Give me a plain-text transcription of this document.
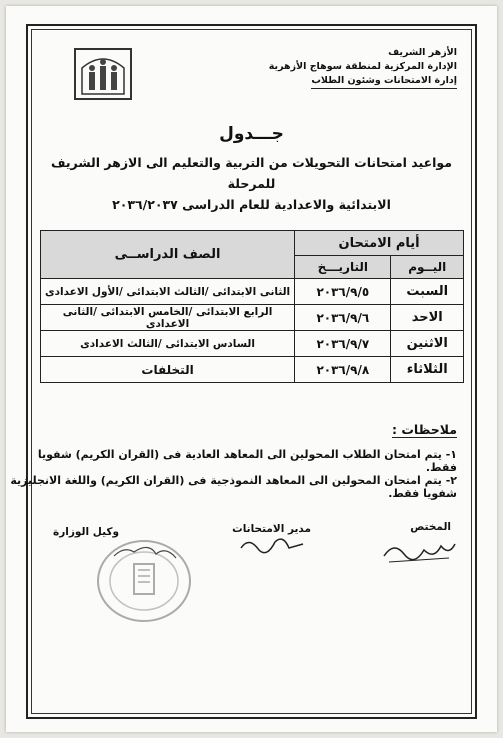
الأزهر الشريف
الإدارة المركزية لمنطقة سوهاج الأزهرية
إدارة الامتحانات وشئون الطلاب
جـــدول
مواعيد امتحانات التحويلات من التربية والتعليم الى الازهر الشريف للمرحلة
الابتدائية والاعدادية للعام الدراسى ٢٠٣٦/٢٠٣٧
أيام الامتحان		الصف الدراســى
اليــوم	التاريـــخ	
السبت	٢٠٣٦/٩/٥	الثانى الابتدائى /الثالث الابتدائى /الأول الاعدادى
الاحد	٢٠٣٦/٩/٦	الرابع الابتدائى /الخامس الابتدائى /الثانى الاعدادى
الاثنين	٢٠٣٦/٩/٧	السادس الابتدائى /الثالث الاعدادى
الثلاثاء	٢٠٣٦/٩/٨	التخلفات
ملاحظات :
١- يتم امتحان الطلاب المحولين الى المعاهد العادية فى (القران الكريم) شفويا فقط.
٢- يتم امتحان المحولين الى المعاهد النموذجية فى (القران الكريم) واللغة الانجليزية شفويا فقط.
المختص
مدير الامتحانات
وكيل الوزارة
